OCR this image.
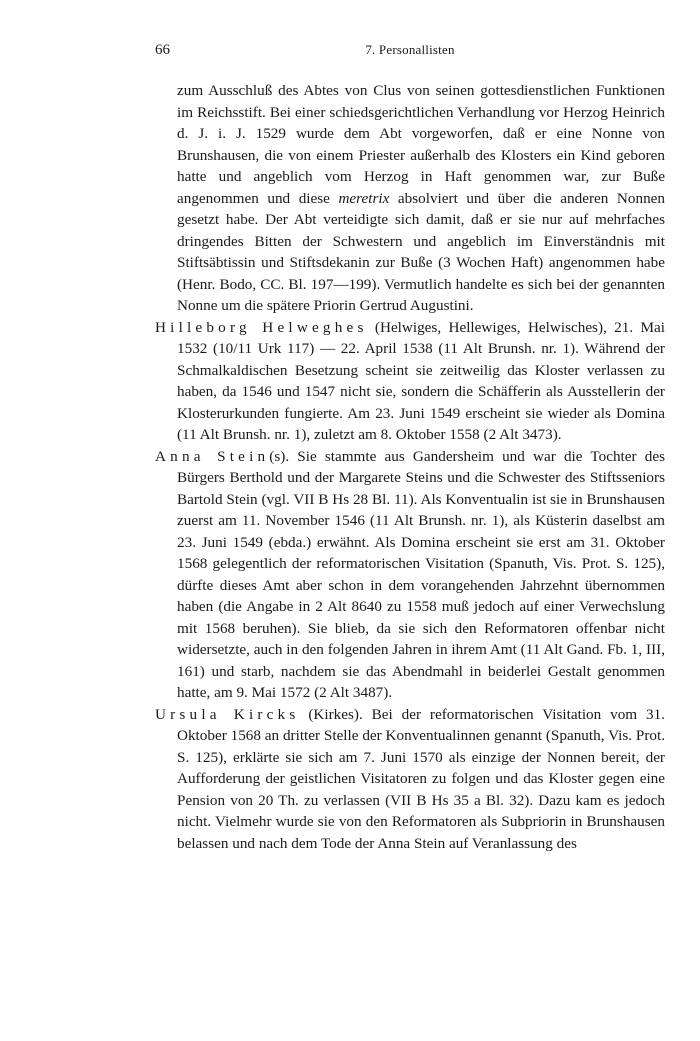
66	7. Personallisten

zum Ausschluß des Abtes von Clus von seinen gottesdienstlichen Funktionen im Reichsstift. Bei einer schiedsgerichtlichen Verhandlung vor Herzog Heinrich d. J. i. J. 1529 wurde dem Abt vorgeworfen, daß er eine Nonne von Brunshausen, die von einem Priester außerhalb des Klosters ein Kind geboren hatte und angeblich vom Herzog in Haft genommen war, zur Buße angenommen und diese meretrix absolviert und über die anderen Nonnen gesetzt habe. Der Abt verteidigte sich damit, daß er sie nur auf mehrfaches dringendes Bitten der Schwestern und angeblich im Einverständnis mit Stiftsäbtissin und Stiftsdekanin zur Buße (3 Wochen Haft) angenommen habe (Henr. Bodo, CC. Bl. 197—199). Vermutlich handelte es sich bei der genannten Nonne um die spätere Priorin Gertrud Augustini.

Hilleborg Helweghes (Helwiges, Hellewiges, Helwisches), 21. Mai 1532 (10/11 Urk 117) — 22. April 1538 (11 Alt Brunsh. nr. 1). Während der Schmalkaldischen Besetzung scheint sie zeitweilig das Kloster verlassen zu haben, da 1546 und 1547 nicht sie, sondern die Schäfferin als Ausstellerin der Klosterurkunden fungierte. Am 23. Juni 1549 erscheint sie wieder als Domina (11 Alt Brunsh. nr. 1), zuletzt am 8. Oktober 1558 (2 Alt 3473).

Anna Stein(s). Sie stammte aus Gandersheim und war die Tochter des Bürgers Berthold und der Margarete Steins und die Schwester des Stiftsseniors Bartold Stein (vgl. VII B Hs 28 Bl. 11). Als Konventualin ist sie in Brunshausen zuerst am 11. November 1546 (11 Alt Brunsh. nr. 1), als Küsterin daselbst am 23. Juni 1549 (ebda.) erwähnt. Als Domina erscheint sie erst am 31. Oktober 1568 gelegentlich der reformatorischen Visitation (Spanuth, Vis. Prot. S. 125), dürfte dieses Amt aber schon in dem vorangehenden Jahrzehnt übernommen haben (die Angabe in 2 Alt 8640 zu 1558 muß jedoch auf einer Verwechslung mit 1568 beruhen). Sie blieb, da sie sich den Reformatoren offenbar nicht widersetzte, auch in den folgenden Jahren in ihrem Amt (11 Alt Gand. Fb. 1, III, 161) und starb, nachdem sie das Abendmahl in beiderlei Gestalt genommen hatte, am 9. Mai 1572 (2 Alt 3487).

Ursula Kircks (Kirkes). Bei der reformatorischen Visitation vom 31. Oktober 1568 an dritter Stelle der Konventualinnen genannt (Spanuth, Vis. Prot. S. 125), erklärte sie sich am 7. Juni 1570 als einzige der Nonnen bereit, der Aufforderung der geistlichen Visitatoren zu folgen und das Kloster gegen eine Pension von 20 Th. zu verlassen (VII B Hs 35 a Bl. 32). Dazu kam es jedoch nicht. Vielmehr wurde sie von den Reformatoren als Subpriorin in Brunshausen belassen und nach dem Tode der Anna Stein auf Veranlassung des
